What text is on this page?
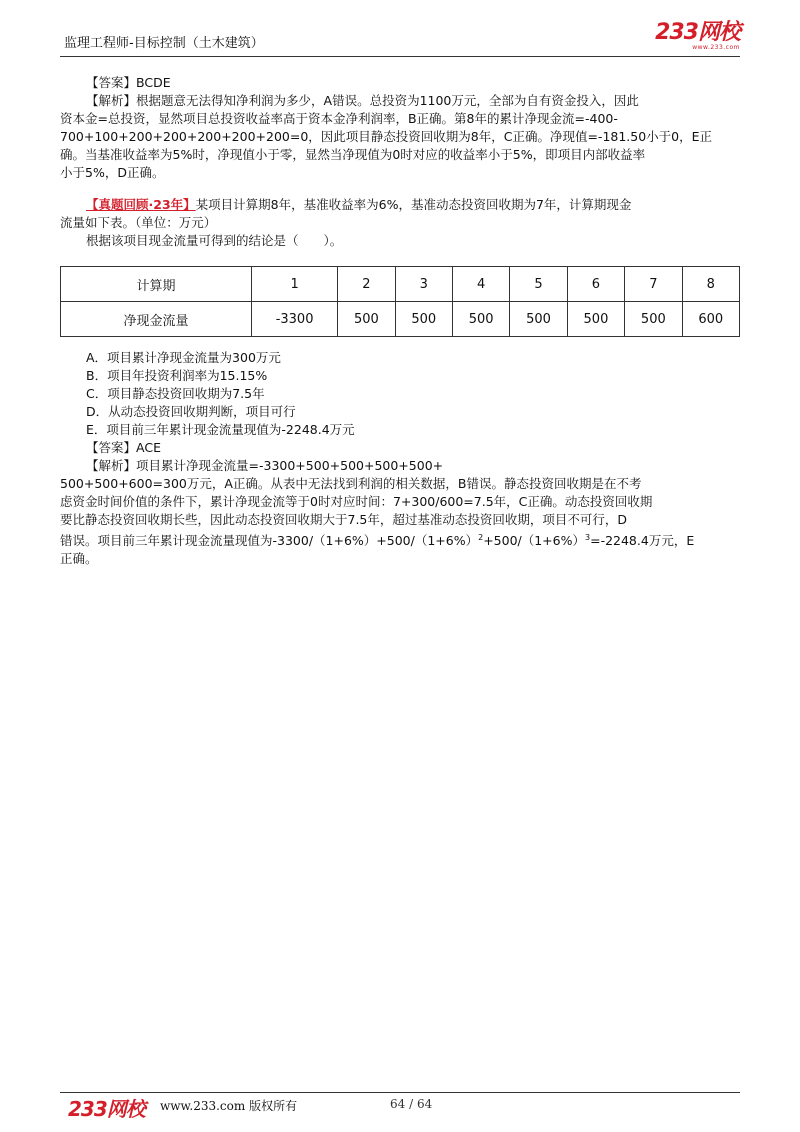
监理工程师-目标控制（土木建筑）	233网校
www.233.com

【答案】BCDE

【解析】根据题意无法得知净利润为多少，A错误。总投资为1100万元，全部为自有资金投入，因此

资本金=总投资，显然项目总投资收益率高于资本金净利润率，B正确。第8年的累计净现金流=-400-

700+100+200+200+200+200+200=0，因此项目静态投资回收期为8年，C正确。净现值=-181.50小于0，E正

确。当基准收益率为5%时，净现值小于零，显然当净现值为0时对应的收益率小于5%，即项目内部收益率

小于5%，D正确。

【真题回顾·23年】某项目计算期8年，基准收益率为6%，基准动态投资回收期为7年，计算期现金

流量如下表。（单位：万元）

根据该项目现金流量可得到的结论是（　　）。

计算期	1	2	3	4	5	6	7	8
净现金流量	-3300	500	500	500	500	500	500	600

A．项目累计净现金流量为300万元

B．项目年投资利润率为15.15%

C．项目静态投资回收期为7.5年

D．从动态投资回收期判断，项目可行

E．项目前三年累计现金流量现值为-2248.4万元

【答案】ACE

【解析】项目累计净现金流量=-3300+500+500+500+500+

500+500+600=300万元，A正确。从表中无法找到利润的相关数据，B错误。静态投资回收期是在不考

虑资金时间价值的条件下，累计净现金流等于0时对应时间：7+300/600=7.5年，C正确。动态投资回收期

要比静态投资回收期长些，因此动态投资回收期大于7.5年，超过基准动态投资回收期，项目不可行，D

错误。项目前三年累计现金流量现值为$-3300/(1+6\%)+500/(1+6\%)^2+500/(1+6\%)^3=-2248.4$万元，E

正确。

233网校 www.233.com 版权所有	64 / 64
